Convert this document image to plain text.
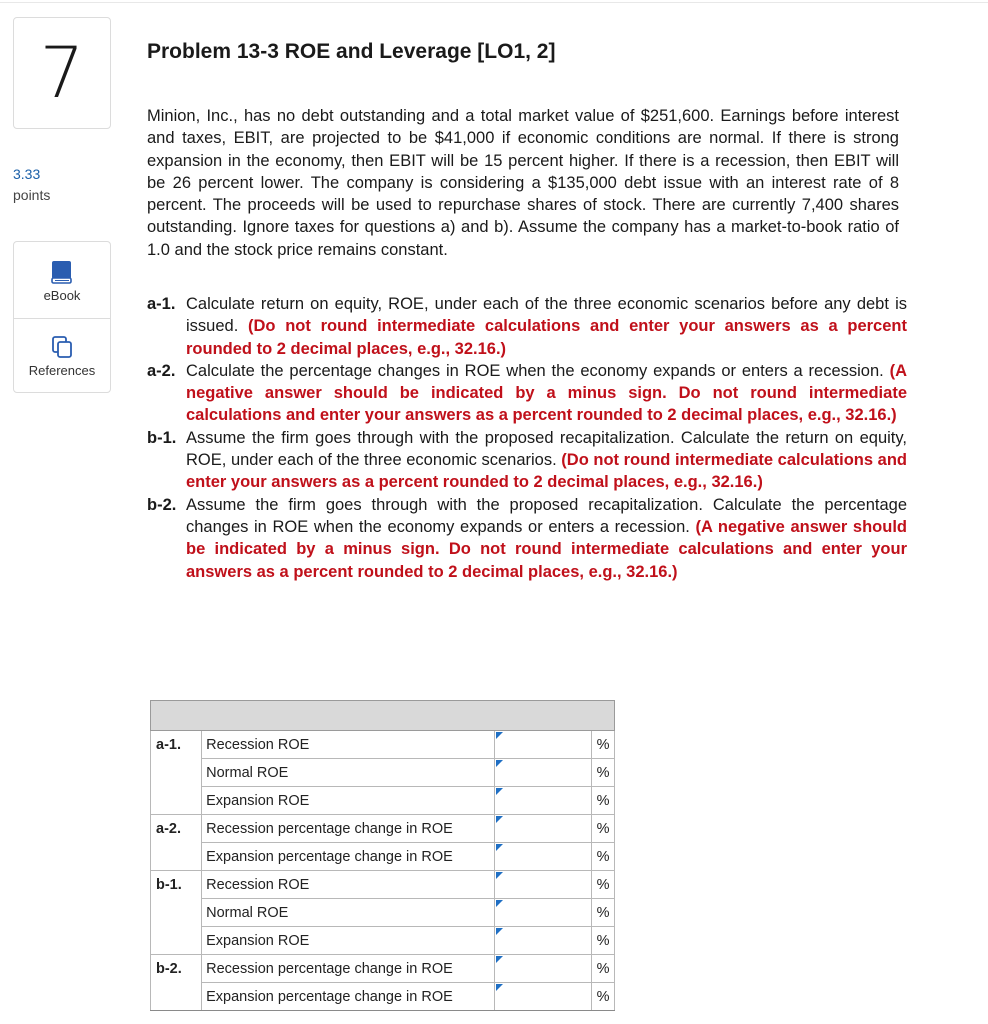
7
3.33
points
eBook
References
Problem 13-3 ROE and Leverage [LO1, 2]
Minion, Inc., has no debt outstanding and a total market value of $251,600. Earnings before interest and taxes, EBIT, are projected to be $41,000 if economic conditions are normal. If there is strong expansion in the economy, then EBIT will be 15 percent higher. If there is a recession, then EBIT will be 26 percent lower. The company is considering a $135,000 debt issue with an interest rate of 8 percent. The proceeds will be used to repurchase shares of stock. There are currently 7,400 shares outstanding. Ignore taxes for questions a) and b). Assume the company has a market-to-book ratio of 1.0 and the stock price remains constant.
a-1. Calculate return on equity, ROE, under each of the three economic scenarios before any debt is issued. (Do not round intermediate calculations and enter your answers as a percent rounded to 2 decimal places, e.g., 32.16.)
a-2. Calculate the percentage changes in ROE when the economy expands or enters a recession. (A negative answer should be indicated by a minus sign. Do not round intermediate calculations and enter your answers as a percent rounded to 2 decimal places, e.g., 32.16.)
b-1. Assume the firm goes through with the proposed recapitalization. Calculate the return on equity, ROE, under each of the three economic scenarios. (Do not round intermediate calculations and enter your answers as a percent rounded to 2 decimal places, e.g., 32.16.)
b-2. Assume the firm goes through with the proposed recapitalization. Calculate the percentage changes in ROE when the economy expands or enters a recession. (A negative answer should be indicated by a minus sign. Do not round intermediate calculations and enter your answers as a percent rounded to 2 decimal places, e.g., 32.16.)

a-1.	Recession ROE		%
	Normal ROE		%
	Expansion ROE		%
a-2.	Recession percentage change in ROE		%
	Expansion percentage change in ROE		%
b-1.	Recession ROE		%
	Normal ROE		%
	Expansion ROE		%
b-2.	Recession percentage change in ROE		%
	Expansion percentage change in ROE		%
